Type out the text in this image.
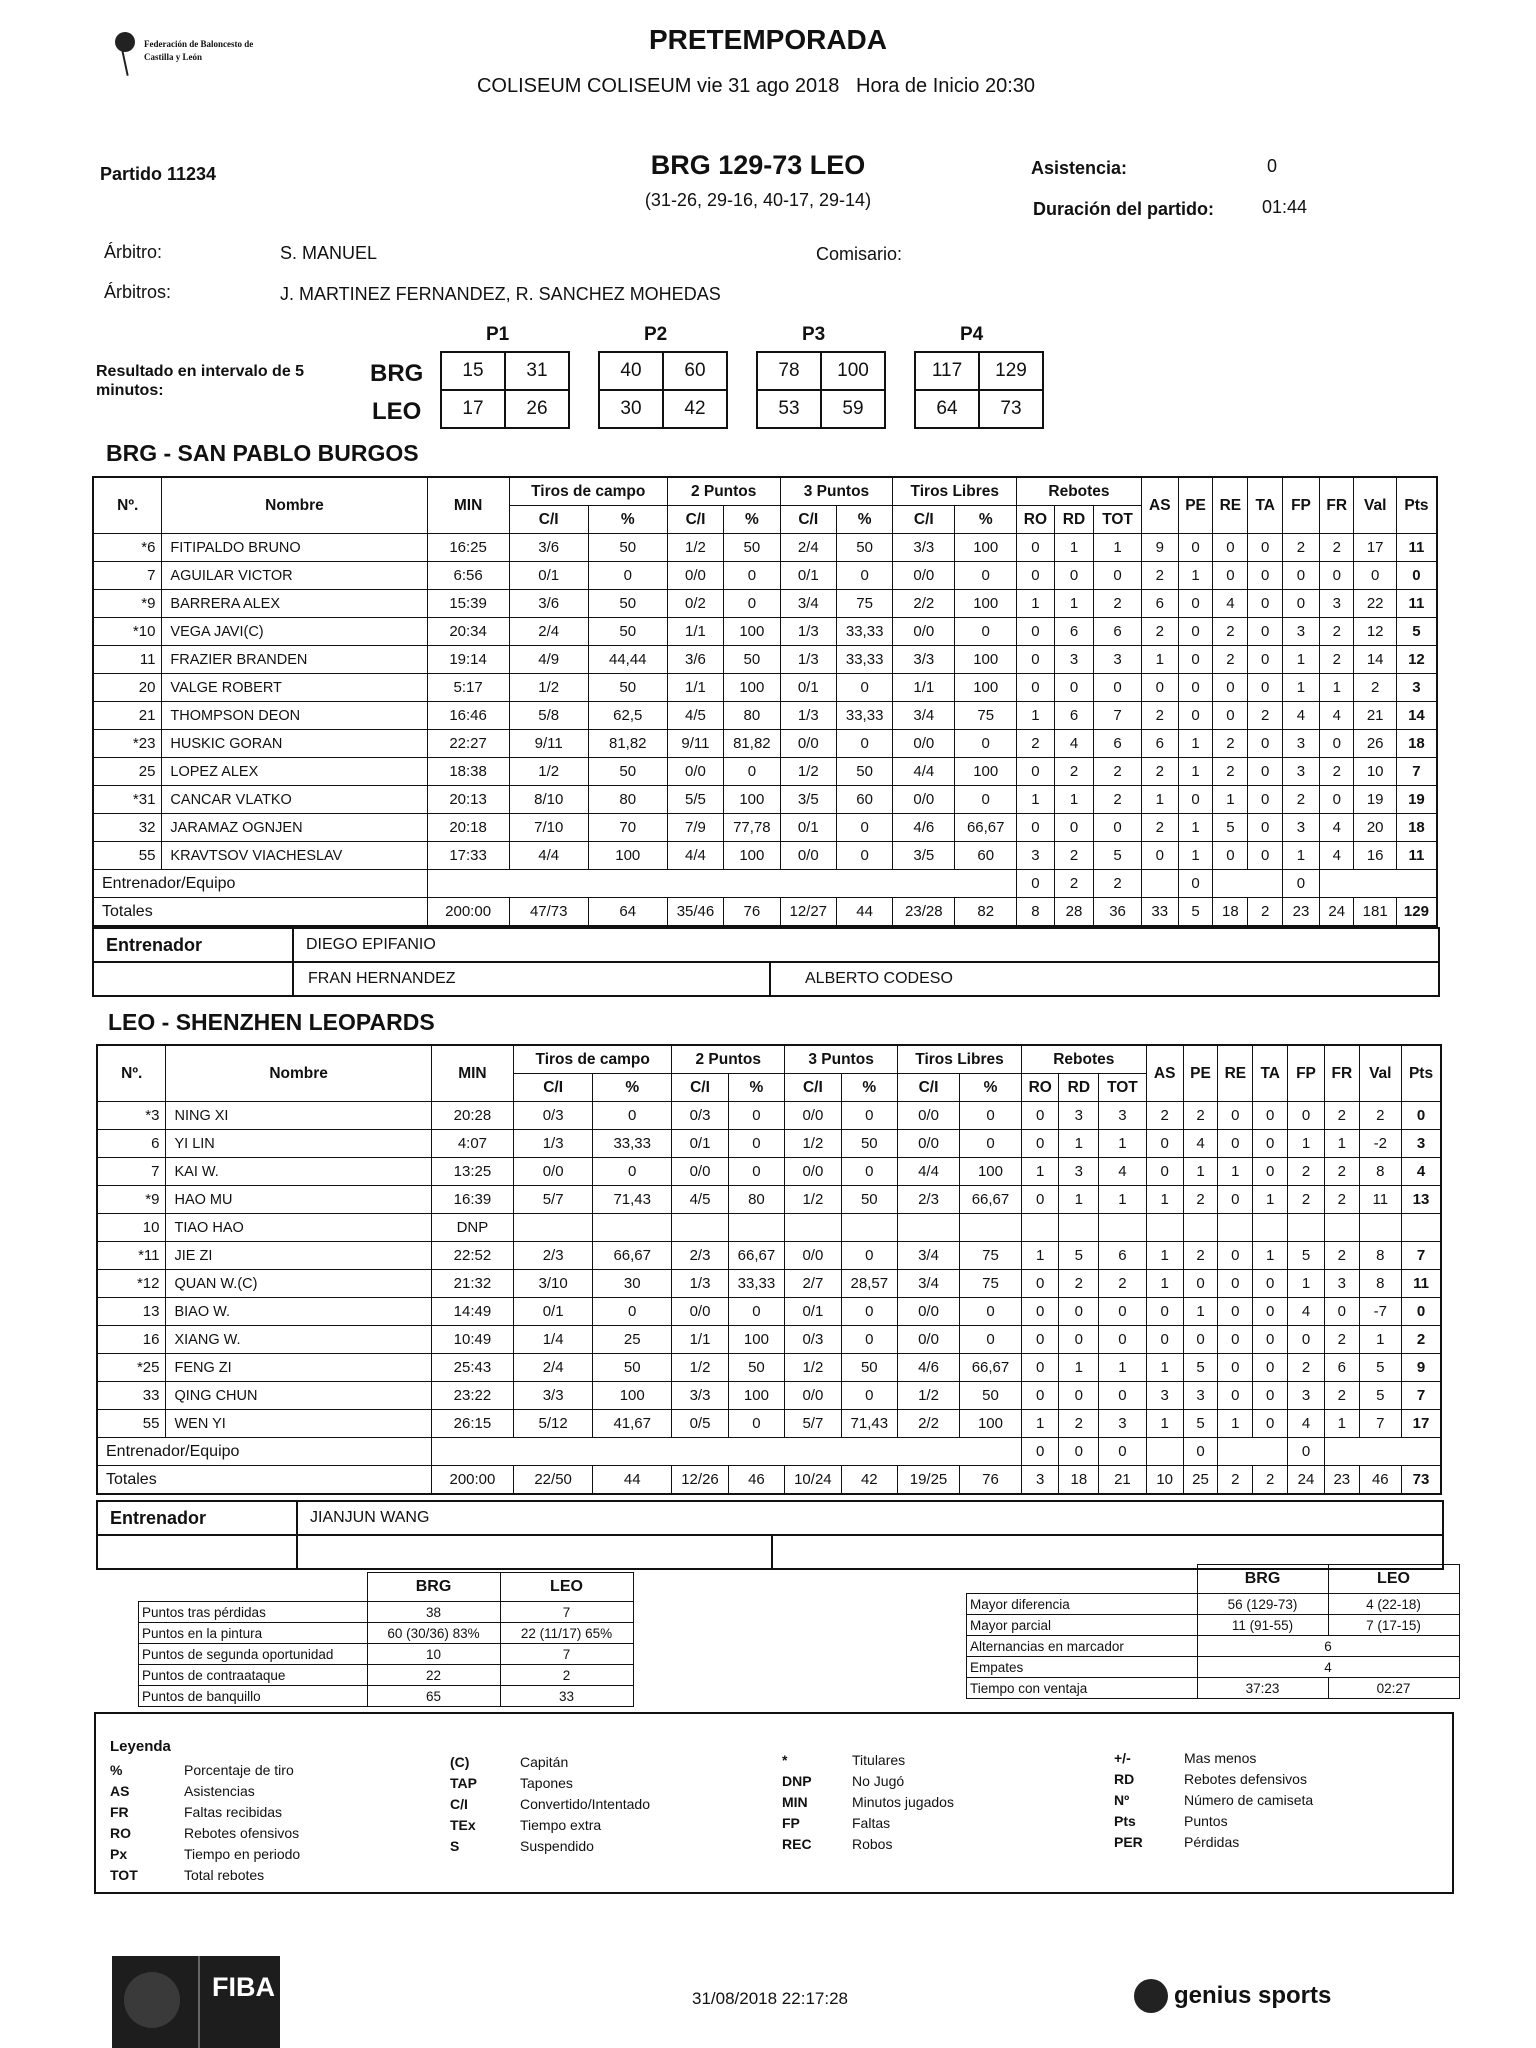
Federación de Baloncesto de Castilla y León
PRETEMPORADA
COLISEUM COLISEUM vie 31 ago 2018   Hora de Inicio 20:30
Partido 11234	BRG 129-73 LEO
(31-26, 29-16, 40-17, 29-14)
Asistencia:	0
Duración del partido:	01:44
Árbitro:	S. MANUEL	Comisario:
Árbitros:	J. MARTINEZ FERNANDEZ, R. SANCHEZ MOHEDAS
Resultado en intervalo de 5 minutos:
BRG
LEO
P1
15	31
17	26
P2
40	60
30	42
P3
78	100
53	59
P4
117	129
64	73
BRG - SAN PABLO BURGOS
Nº.	Nombre	MIN	Tiros de campo		2 Puntos		3 Puntos		Tiros Libres		Rebotes			AS	PE	RE	TA	FP	FR	Val	Pts
			C/I	%	C/I	%	C/I	%	C/I	%	RO	RD	TOT								
*6	FITIPALDO BRUNO	16:25	3/6	50	1/2	50	2/4	50	3/3	100	0	1	1	9	0	0	0	2	2	17	11
7	AGUILAR VICTOR	6:56	0/1	0	0/0	0	0/1	0	0/0	0	0	0	0	2	1	0	0	0	0	0	0
*9	BARRERA ALEX	15:39	3/6	50	0/2	0	3/4	75	2/2	100	1	1	2	6	0	4	0	0	3	22	11
*10	VEGA JAVI(C)	20:34	2/4	50	1/1	100	1/3	33,33	0/0	0	0	6	6	2	0	2	0	3	2	12	5
11	FRAZIER BRANDEN	19:14	4/9	44,44	3/6	50	1/3	33,33	3/3	100	0	3	3	1	0	2	0	1	2	14	12
20	VALGE ROBERT	5:17	1/2	50	1/1	100	0/1	0	1/1	100	0	0	0	0	0	0	0	1	1	2	3
21	THOMPSON DEON	16:46	5/8	62,5	4/5	80	1/3	33,33	3/4	75	1	6	7	2	0	0	2	4	4	21	14
*23	HUSKIC GORAN	22:27	9/11	81,82	9/11	81,82	0/0	0	0/0	0	2	4	6	6	1	2	0	3	0	26	18
25	LOPEZ ALEX	18:38	1/2	50	0/0	0	1/2	50	4/4	100	0	2	2	2	1	2	0	3	2	10	7
*31	CANCAR VLATKO	20:13	8/10	80	5/5	100	3/5	60	0/0	0	1	1	2	1	0	1	0	2	0	19	19
32	JARAMAZ OGNJEN	20:18	7/10	70	7/9	77,78	0/1	0	4/6	66,67	0	0	0	2	1	5	0	3	4	20	18
55	KRAVTSOV VIACHESLAV	17:33	4/4	100	4/4	100	0/0	0	3/5	60	3	2	5	0	1	0	0	1	4	16	11
Entrenador/Equipo											0	2	2		0			0			
Totales		200:00	47/73	64	35/46	76	12/27	44	23/28	82	8	28	36	33	5	18	2	23	24	181	129
Entrenador	DIEGO EPIFANIO	
	FRAN HERNANDEZ	ALBERTO CODESO
LEO - SHENZHEN LEOPARDS
Nº.	Nombre	MIN	Tiros de campo		2 Puntos		3 Puntos		Tiros Libres		Rebotes			AS	PE	RE	TA	FP	FR	Val	Pts
			C/I	%	C/I	%	C/I	%	C/I	%	RO	RD	TOT								
*3	NING XI	20:28	0/3	0	0/3	0	0/0	0	0/0	0	0	3	3	2	2	0	0	0	2	2	0
6	YI LIN	4:07	1/3	33,33	0/1	0	1/2	50	0/0	0	0	1	1	0	4	0	0	1	1	-2	3
7	KAI W.	13:25	0/0	0	0/0	0	0/0	0	4/4	100	1	3	4	0	1	1	0	2	2	8	4
*9	HAO MU	16:39	5/7	71,43	4/5	80	1/2	50	2/3	66,67	0	1	1	1	2	0	1	2	2	11	13
10	TIAO HAO	DNP																			
*11	JIE ZI	22:52	2/3	66,67	2/3	66,67	0/0	0	3/4	75	1	5	6	1	2	0	1	5	2	8	7
*12	QUAN W.(C)	21:32	3/10	30	1/3	33,33	2/7	28,57	3/4	75	0	2	2	1	0	0	0	1	3	8	11
13	BIAO W.	14:49	0/1	0	0/0	0	0/1	0	0/0	0	0	0	0	0	1	0	0	4	0	-7	0
16	XIANG W.	10:49	1/4	25	1/1	100	0/3	0	0/0	0	0	0	0	0	0	0	0	0	2	1	2
*25	FENG ZI	25:43	2/4	50	1/2	50	1/2	50	4/6	66,67	0	1	1	1	5	0	0	2	6	5	9
33	QING CHUN	23:22	3/3	100	3/3	100	0/0	0	1/2	50	0	0	0	3	3	0	0	3	2	5	7
55	WEN YI	26:15	5/12	41,67	0/5	0	5/7	71,43	2/2	100	1	2	3	1	5	1	0	4	1	7	17
Entrenador/Equipo											0	0	0		0			0			
Totales		200:00	22/50	44	12/26	46	10/24	42	19/25	76	3	18	21	10	25	2	2	24	23	46	73
Entrenador	JIANJUN WANG	

	BRG	LEO
Puntos tras pérdidas	38	7
Puntos en la pintura	60 (30/36) 83%	22 (11/17) 65%
Puntos de segunda oportunidad	10	7
Puntos de contraataque	22	2
Puntos de banquillo	65	33
	BRG	LEO
Mayor diferencia	56 (129-73)	4 (22-18)
Mayor parcial	11 (91-55)	7 (17-15)
Alternancias en marcador	6	
Empates	4	
Tiempo con ventaja	37:23	02:27
Leyenda
%	Porcentaje de tiro
AS	Asistencias
FR	Faltas recibidas
RO	Rebotes ofensivos
Px	Tiempo en periodo
TOT	Total rebotes
(C)	Capitán
TAP	Tapones
C/I	Convertido/Intentado
TEx	Tiempo extra
S	Suspendido
*	Titulares
DNP	No Jugó
MIN	Minutos jugados
FP	Faltas
REC	Robos
+/-	Mas menos
RD	Rebotes defensivos
Nº	Número de camiseta
Pts	Puntos
PER	Pérdidas
FIBA	31/08/2018 22:17:28	genius sports
